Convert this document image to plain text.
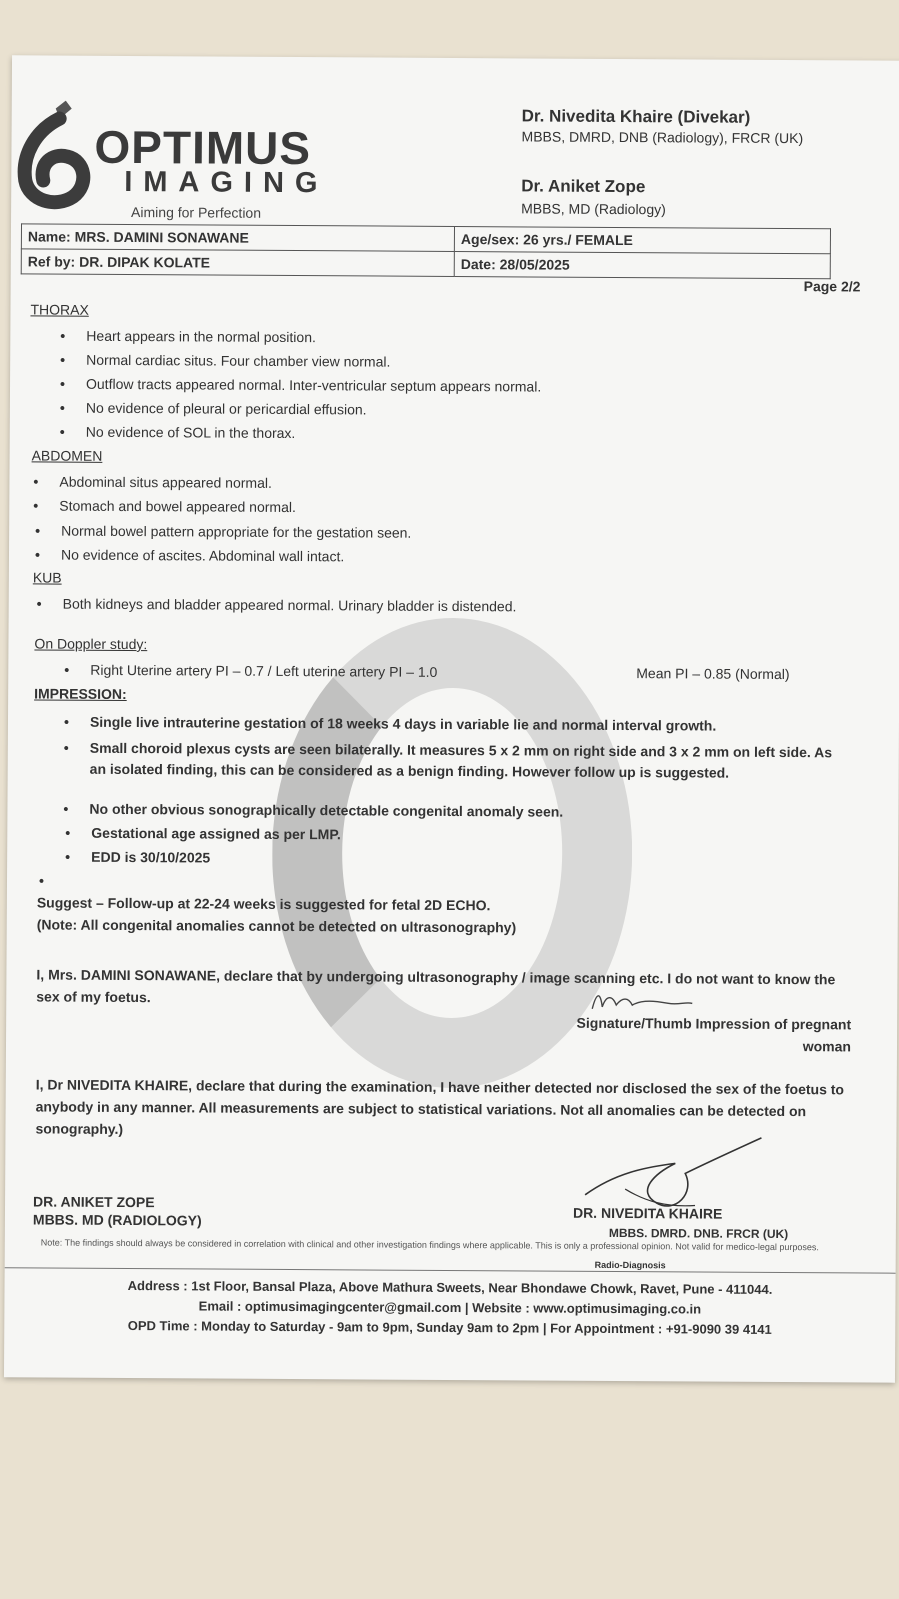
OPTIMUS
IMAGING
Aiming for Perfection
Dr. Nivedita Khaire (Divekar)
MBBS, DMRD, DNB (Radiology), FRCR (UK)
Dr. Aniket Zope
MBBS, MD (Radiology)
Name: MRS. DAMINI SONAWANE	Age/sex: 26 yrs./ FEMALE
Ref by: DR. DIPAK KOLATE	Date: 28/05/2025
Page 2/2
THORAX
• Heart appears in the normal position.
• Normal cardiac situs. Four chamber view normal.
• Outflow tracts appeared normal. Inter-ventricular septum appears normal.
• No evidence of pleural or pericardial effusion.
• No evidence of SOL in the thorax.
ABDOMEN
• Abdominal situs appeared normal.
• Stomach and bowel appeared normal.
• Normal bowel pattern appropriate for the gestation seen.
• No evidence of ascites. Abdominal wall intact.
KUB
• Both kidneys and bladder appeared normal. Urinary bladder is distended.
On Doppler study:
• Right Uterine artery PI – 0.7 / Left uterine artery PI – 1.0	Mean PI – 0.85 (Normal)
IMPRESSION:
• Single live intrauterine gestation of 18 weeks 4 days in variable lie and normal interval growth.
• Small choroid plexus cysts are seen bilaterally. It measures 5 x 2 mm on right side and 3 x 2 mm on left side. As an isolated finding, this can be considered as a benign finding. However follow up is suggested.
• No other obvious sonographically detectable congenital anomaly seen.
• Gestational age assigned as per LMP.
• EDD is 30/10/2025
Suggest – Follow-up at 22-24 weeks is suggested for fetal 2D ECHO.
(Note: All congenital anomalies cannot be detected on ultrasonography)
I, Mrs. DAMINI SONAWANE, declare that by undergoing ultrasonography / image scanning etc. I do not want to know the sex of my foetus.
Signature/Thumb Impression of pregnant
woman
I, Dr NIVEDITA KHAIRE, declare that during the examination, I have neither detected nor disclosed the sex of the foetus to anybody in any manner. All measurements are subject to statistical variations. Not all anomalies can be detected on sonography.)
DR. ANIKET ZOPE
MBBS. MD (RADIOLOGY)	DR. NIVEDITA KHAIRE
MBBS. DMRD. DNB. FRCR (UK)
Radio-Diagnosis
Note: The findings should always be considered in correlation with clinical and other investigation findings where applicable. This is only a professional opinion. Not valid for medico-legal purposes.
Address : 1st Floor, Bansal Plaza, Above Mathura Sweets, Near Bhondawe Chowk, Ravet, Pune - 411044.
Email : optimusimagingcenter@gmail.com | Website : www.optimusimaging.co.in
OPD Time : Monday to Saturday - 9am to 9pm, Sunday 9am to 2pm | For Appointment : +91-9090 39 4141
